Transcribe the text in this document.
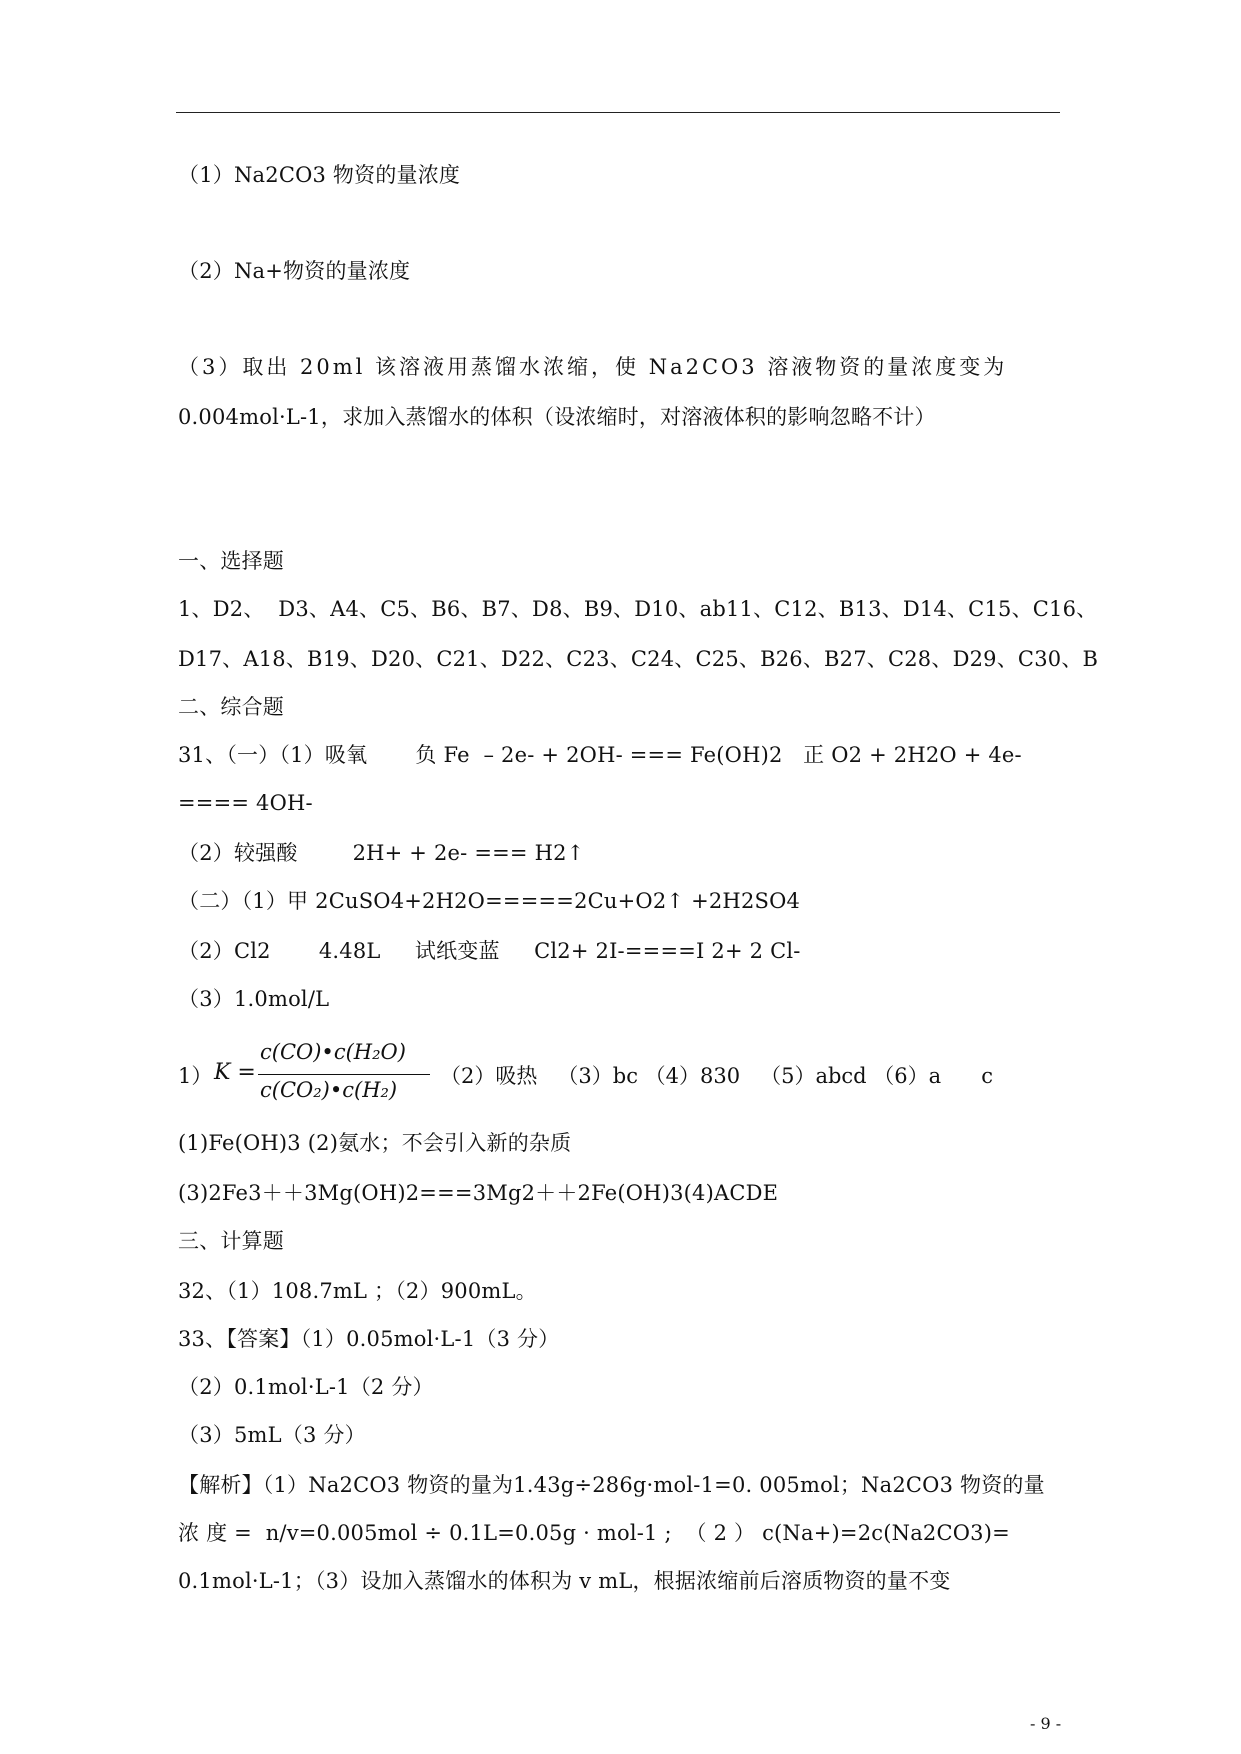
（1）Na2CO3 物资的量浓度
（2）Na+物资的量浓度
（3）取出 20ml 该溶液用蒸馏水浓缩，使 Na2CO3 溶液物资的量浓度变为
0.004mol·L-1，求加入蒸馏水的体积（设浓缩时，对溶液体积的影响忽略不计）
一、选择题
1、D2、  D3、A4、C5、B6、B7、D8、B9、D10、ab11、C12、B13、D14、C15、C16、
D17、A18、B19、D20、C21、D22、C23、C24、C25、B26、B27、C28、D29、C30、B
二、综合题
31、（一）（1）吸氧       负 Fe  – 2e- + 2OH- === Fe(OH)2   正 O2 + 2H2O + 4e-
==== 4OH-
（2）较强酸        2H+ + 2e- === H2↑
（二）（1）甲 2CuSO4+2H2O=====2Cu+O2↑ +2H2SO4
（2）Cl2       4.48L     试纸变蓝     Cl2+ 2I-====I 2+ 2 Cl-
（3）1.0mol/L
1） K =
c(CO)•c(H₂O)
c(CO₂)•c(H₂)
（2）吸热   （3）bc （4）830   （5）abcd （6）a      c
(1)Fe(OH)3 (2)氨水；不会引入新的杂质
(3)2Fe3＋＋3Mg(OH)2===3Mg2＋＋2Fe(OH)3(4)ACDE
三、计算题
32、（1）108.7mL ；（2）900mL。
33、【答案】（1）0.05mol·L-1（3 分）
（2）0.1mol·L-1（2 分）
（3）5mL（3 分）
【解析】（1）Na2CO3 物资的量为1.43g÷286g·mol-1=0. 005mol；Na2CO3 物资的量
浓 度 =  n/v=0.005mol ÷ 0.1L=0.05g · mol-1 ;  （ 2 ） c(Na+)=2c(Na2CO3)=
0.1mol·L-1；（3）设加入蒸馏水的体积为 v mL，根据浓缩前后溶质物资的量不变
- 9 -
